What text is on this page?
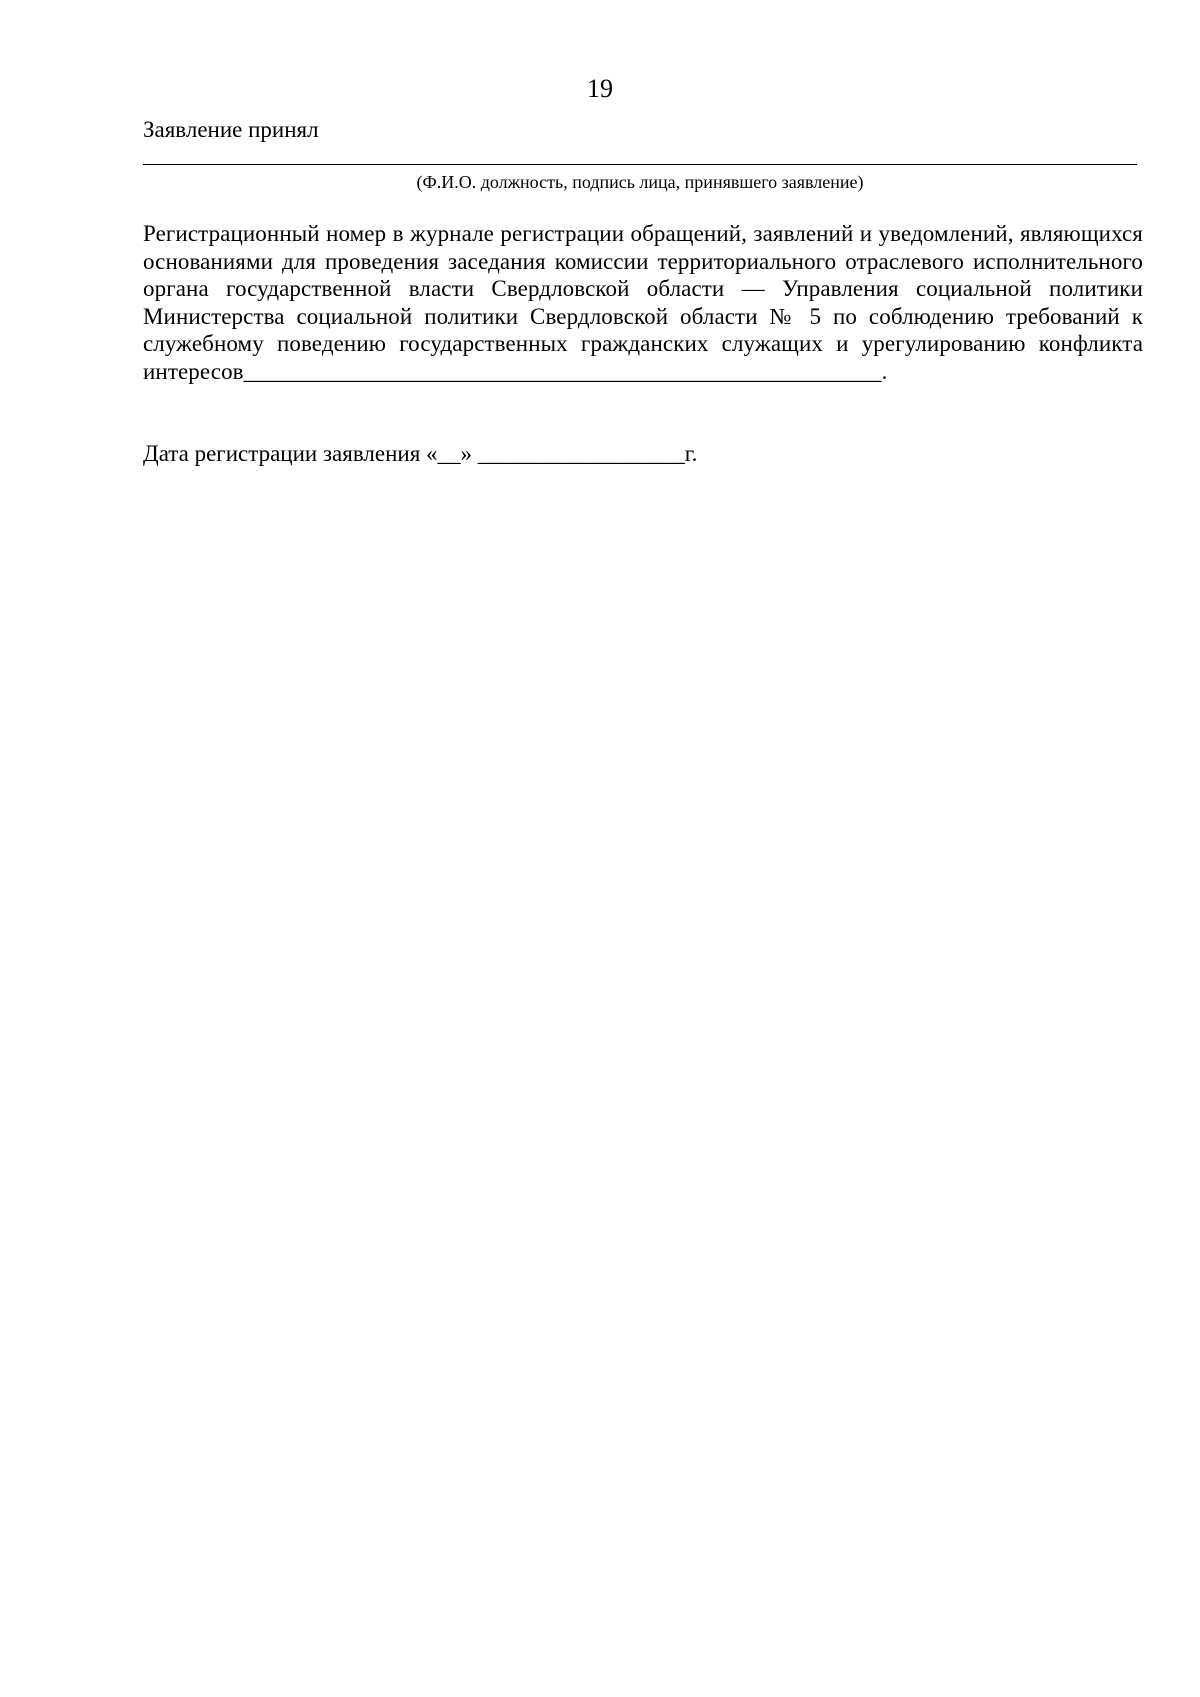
19
Заявление принял
(Ф.И.О. должность, подпись лица, принявшего заявление)
Регистрационный номер в журнале регистрации обращений, заявлений и уведомлений, являющихся основаниями для проведения заседания комиссии территориального отраслевого исполнительного органа государственной власти Свердловской области — Управления социальной политики Министерства социальной политики Свердловской области № 5 по соблюдению требований к служебному поведению государственных гражданских служащих и урегулированию конфликта интересов_______________________________________________________.
Дата регистрации заявления «__» __________________г.
